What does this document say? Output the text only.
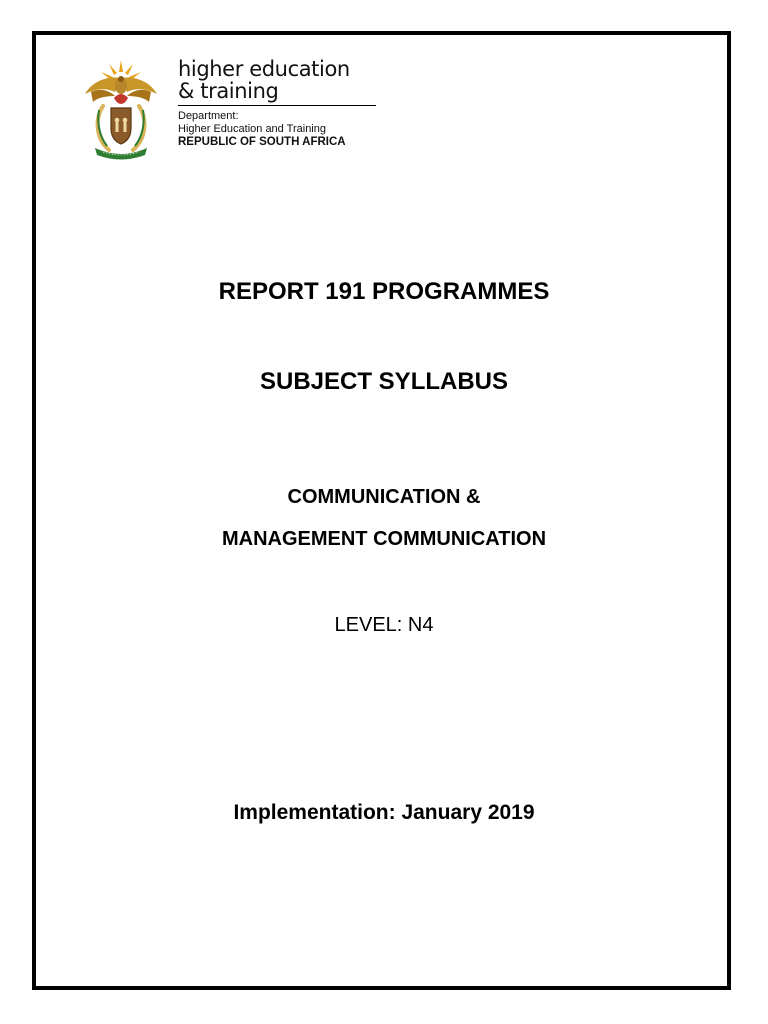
higher education
& training
Department:
Higher Education and Training
REPUBLIC OF SOUTH AFRICA
REPORT 191 PROGRAMMES
SUBJECT SYLLABUS
COMMUNICATION &
MANAGEMENT COMMUNICATION
LEVEL: N4
Implementation: January 2019
